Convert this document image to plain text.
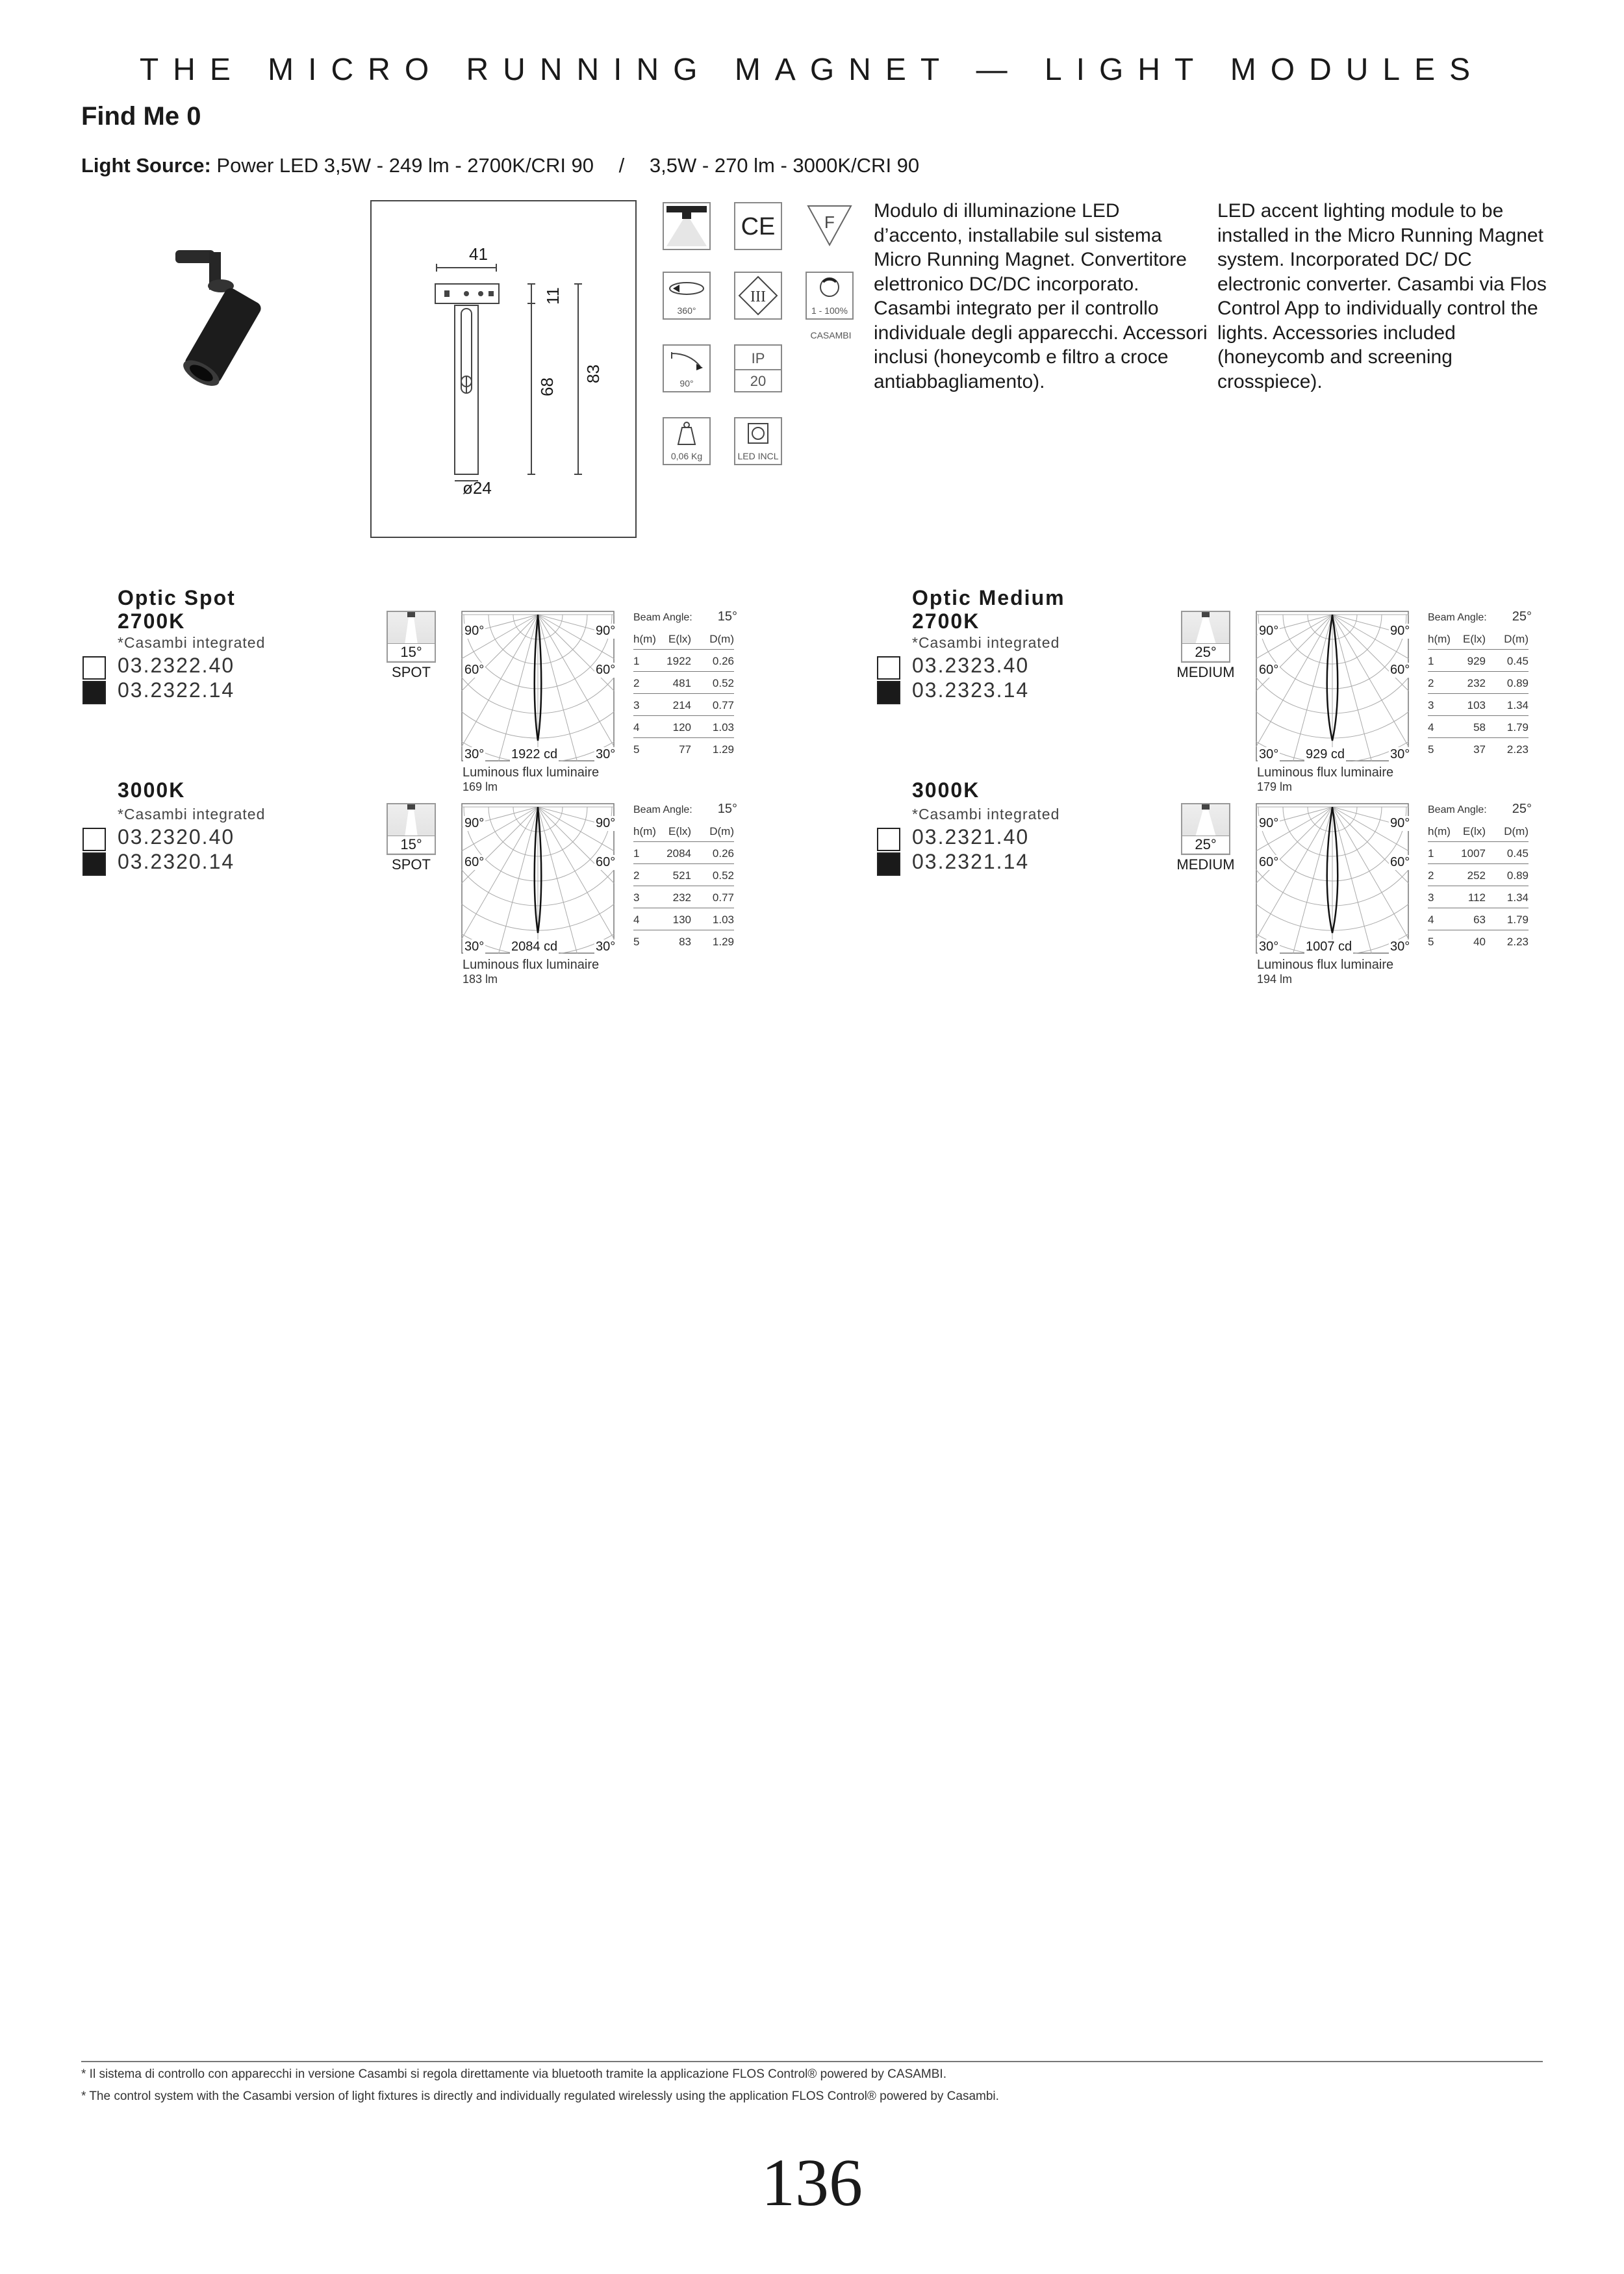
THE MICRO RUNNING MAGNET — LIGHT MODULES
Find Me 0
Light Source: Power LED 3,5W - 249 lm - 2700K/CRI 90 / 3,5W - 270 lm - 3000K/CRI 90
41
11
68
83
ø24
CE	F
360°
III
1 - 100%
CASAMBI
90°
IP
20
0,06 Kg	LED INCL
Modulo di illuminazione LED d’accento, installabile sul sistema Micro Running Magnet. Convertitore elettronico DC/DC incorporato. Casambi integrato per il controllo individuale degli apparecchi. Accessori inclusi (honeycomb e filtro a croce antiabbagliamento).
LED accent lighting module to be installed in the Micro Running Magnet system. Incorporated DC/ DC electronic converter. Casambi via Flos Control App to individually control the lights. Accessories included (honeycomb and screening crosspiece).
Optic Spot
2700K
*Casambi integrated
03.2322.40
03.2322.14
15°
SPOT
90°	90°
60°	60°
30°	30°
1922 cd
Luminous flux luminaire
169 lm
Beam Angle: 15°
h(m) E(lx) D(m)
1 1922 0.26
2	481 0.52
3	214 0.77
4	120 1.03
5	77 1.29
Optic Medium
2700K
*Casambi integrated
03.2323.40
03.2323.14
25°
MEDIUM
90°	90°
60°	60°
30°	30°
929 cd
Luminous flux luminaire
179 lm
Beam Angle: 25°
h(m) E(lx) D(m)
1	929 0.45
2	232 0.89
3	103 1.34
4	58 1.79
5	37 2.23
3000K
*Casambi integrated
03.2320.40
03.2320.14
15°
SPOT
90°	90°
60°	60°
30°	30°
2084 cd
Luminous flux luminaire
183 lm
Beam Angle: 15°
h(m) E(lx) D(m)
1 2084 0.26
2	521 0.52
3	232 0.77
4	130 1.03
5	83 1.29
3000K
*Casambi integrated
03.2321.40
03.2321.14
25°
MEDIUM
90°	90°
60°	60°
30°	30°
1007 cd
Luminous flux luminaire
194 lm
Beam Angle: 25°
h(m) E(lx) D(m)
1 1007 0.45
2	252 0.89
3	112 1.34
4	63 1.79
5	40 2.23
* Il sistema di controllo con apparecchi in versione Casambi si regola direttamente via bluetooth tramite la applicazione FLOS Control® powered by CASAMBI.
* The control system with the Casambi version of light fixtures is directly and individually regulated wirelessly using the application FLOS Control® powered by Casambi.
136
